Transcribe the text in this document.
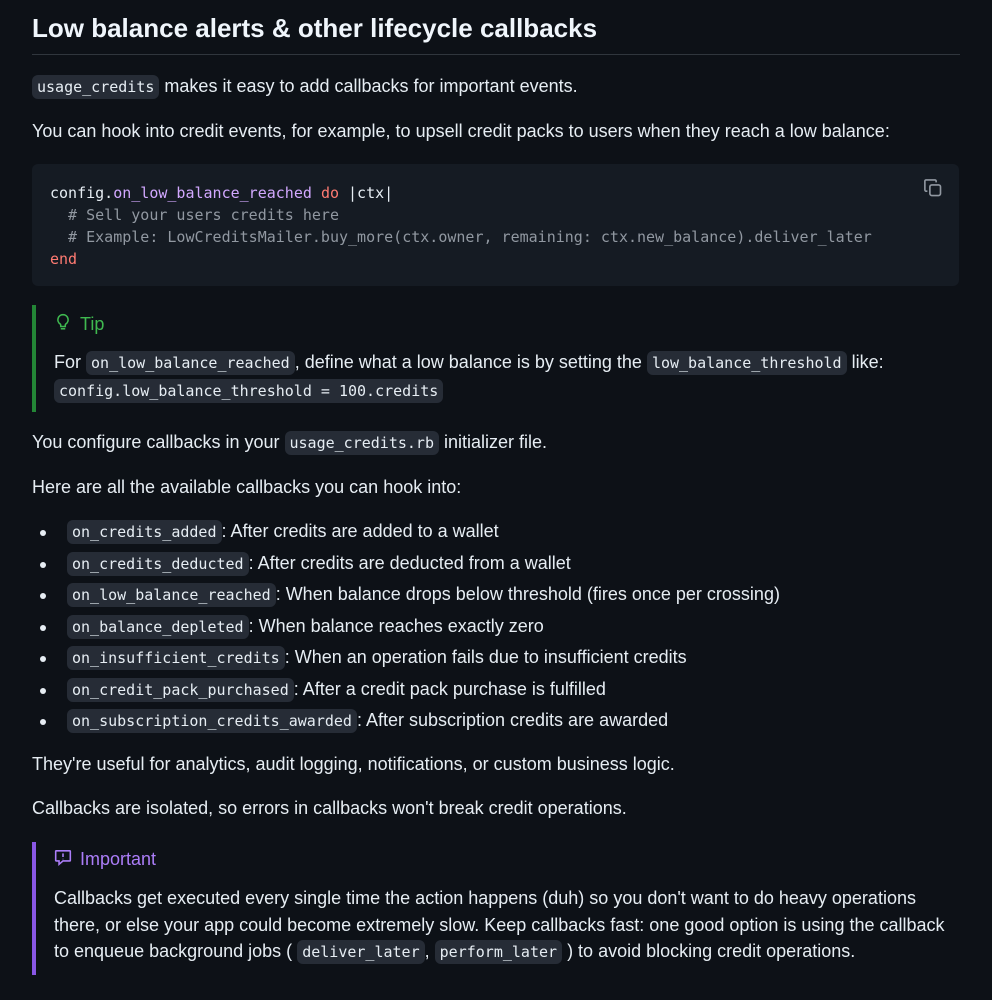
Low balance alerts & other lifecycle callbacks
usage_credits makes it easy to add callbacks for important events.
You can hook into credit events, for example, to upsell credit packs to users when they reach a low balance:
config.on_low_balance_reached do |ctx|
# Sell your users credits here
# Example: LowCreditsMailer.buy_more(ctx.owner, remaining: ctx.new_balance).deliver_later
end
Tip
For on_low_balance_reached , define what a low balance is by setting the low_balance_threshold like:
config.low_balance_threshold = 100.credits
You configure callbacks in your usage_credits.rb initializer file.
Here are all the available callbacks you can hook into:
on_credits_added : After credits are added to a wallet
on_credits_deducted : After credits are deducted from a wallet
on_low_balance_reached : When balance drops below threshold (fires once per crossing)
on_balance_depleted : When balance reaches exactly zero
on_insufficient_credits : When an operation fails due to insufficient credits
on_credit_pack_purchased : After a credit pack purchase is fulfilled
on_subscription_credits_awarded : After subscription credits are awarded
They're useful for analytics, audit logging, notifications, or custom business logic.
Callbacks are isolated, so errors in callbacks won't break credit operations.
Important
Callbacks get executed every single time the action happens (duh) so you don't want to do heavy operations there, or else your app could become extremely slow. Keep callbacks fast: one good option is using the callback to enqueue background jobs ( deliver_later , perform_later ) to avoid blocking credit operations.
